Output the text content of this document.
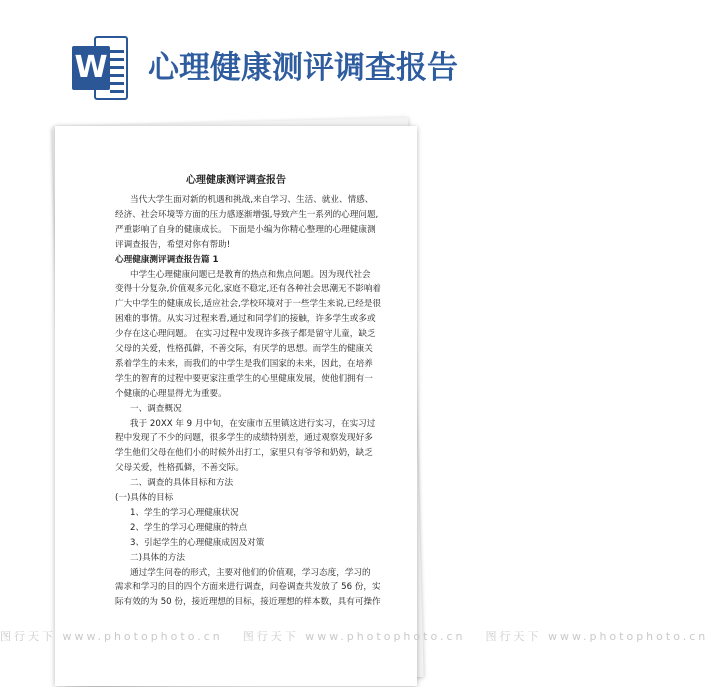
W 心理健康测评调查报告
心理健康测评调查报告
当代大学生面对新的机遇和挑战,来自学习、生活、就业、情感、
经济、社会环境等方面的压力感逐渐增强,导致产生一系列的心理问题,
严重影响了自身的健康成长。 下面是小编为你精心整理的心理健康测
评调查报告，希望对你有帮助!
心理健康测评调查报告篇 1
中学生心理健康问题已是教育的热点和焦点问题。因为现代社会
变得十分复杂,价值观多元化,家庭不稳定,还有各种社会思潮无不影响着
广大中学生的健康成长,适应社会,学校环境对于一些学生来说,已经是很
困难的事情。从实习过程来看,通过和同学们的接触，许多学生或多或
少存在这心理问题。 在实习过程中发现许多孩子都是留守儿童，缺乏
父母的关爱，性格孤僻，不善交际，有厌学的思想。而学生的健康关
系着学生的未来，而我们的中学生是我们国家的未来，因此，在培养
学生的智育的过程中要更家注重学生的心里健康发展，使他们拥有一
个健康的心理显得尤为重要。
一、调查概况
我于 20XX 年 9 月中旬，在安康市五里镇这进行实习，在实习过
程中发现了不少的问题，很多学生的成绩特别差，通过观察发现好多
学生他们父母在他们小的时候外出打工，家里只有爷爷和奶奶，缺乏
父母关爱，性格孤僻，不善交际。
二、调查的具体目标和方法
(一)具体的目标
1、学生的学习心理健康状况
2、学生的学习心理健康的特点
3、引起学生的心理健康成因及对策
二)具体的方法
通过学生问卷的形式，主要对他们的价值观，学习态度，学习的
需求和学习的目的四个方面来进行调查，问卷调查共发放了 56 份，实
际有效的为 50 份，接近理想的目标，接近理想的样本数，具有可操作
图行天下 www.photophoto.cn 图行天下 www.photophoto.cn 图行天下 www.photophoto.cn
